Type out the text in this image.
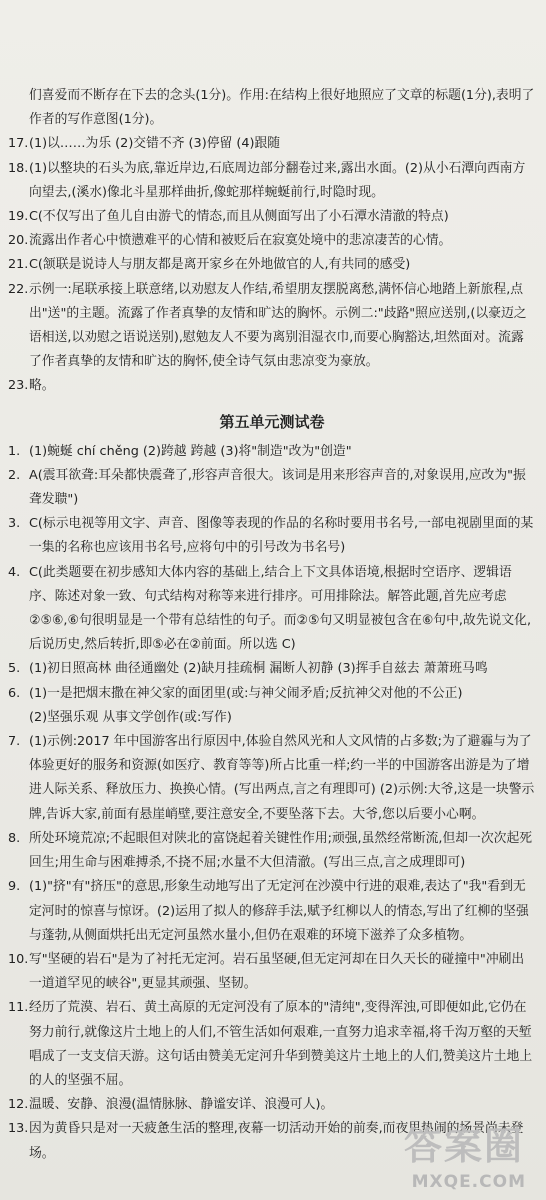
们喜爱而不断存在下去的念头(1分)。作用:在结构上很好地照应了文章的标题(1分),表明了作者的写作意图(1分)。
17. (1)以……为乐 (2)交错不齐 (3)停留 (4)跟随
18. (1)以整块的石头为底,靠近岸边,石底周边部分翻卷过来,露出水面。(2)从小石潭向西南方向望去,(溪水)像北斗星那样曲折,像蛇那样蜿蜒前行,时隐时现。
19. C(不仅写出了鱼儿自由游弋的情态,而且从侧面写出了小石潭水清澈的特点)
20. 流露出作者心中愤懑难平的心情和被贬后在寂寞处境中的悲凉凄苦的心情。
21. C(颔联是说诗人与朋友都是离开家乡在外地做官的人,有共同的感受)
22. 示例一:尾联承接上联意绪,以劝慰友人作结,希望朋友摆脱离愁,满怀信心地踏上新旅程,点出"送"的主题。流露了作者真挚的友情和旷达的胸怀。示例二:"歧路"照应送别,(以豪迈之语相送,以劝慰之语说送别),慰勉友人不要为离别泪湿衣巾,而要心胸豁达,坦然面对。流露了作者真挚的友情和旷达的胸怀,使全诗气氛由悲凉变为豪放。
23. 略。
第五单元测试卷
1. (1)蜿蜒 chí chěng (2)跨越 跨越 (3)将"制造"改为"创造"
2. A(震耳欲聋:耳朵都快震聋了,形容声音很大。该词是用来形容声音的,对象误用,应改为"振聋发聩")
3. C(标示电视等用文字、声音、图像等表现的作品的名称时要用书名号,一部电视剧里面的某一集的名称也应该用书名号,应将句中的引号改为书名号)
4. C(此类题要在初步感知大体内容的基础上,结合上下文具体语境,根据时空语序、逻辑语序、陈述对象一致、句式结构对称等来进行排序。可用排除法。解答此题,首先应考虑②⑤⑥,⑥句很明显是一个带有总结性的句子。而②⑤句又明显被包含在⑥句中,故先说文化,后说历史,然后转折,即⑤必在②前面。所以选 C)
5. (1)初日照高林 曲径通幽处 (2)缺月挂疏桐 漏断人初静 (3)挥手自兹去 萧萧班马鸣
6. (1)一是把烟末撒在神父家的面团里(或:与神父闹矛盾;反抗神父对他的不公正)
(2)坚强乐观 从事文学创作(或:写作)
7. (1)示例:2017 年中国游客出行原因中,体验自然风光和人文风情的占多数;为了避霾与为了体验更好的服务和资源(如医疗、教育等等)所占比重一样;约一半的中国游客出游是为了增进人际关系、释放压力、换换心情。(写出两点,言之有理即可) (2)示例:大爷,这是一块警示牌,告诉大家,前面有悬崖峭壁,要注意安全,不要坠落下去。大爷,您以后要小心啊。
8. 所处环境荒凉;不起眼但对陕北的富饶起着关键性作用;顽强,虽然经常断流,但却一次次起死回生;用生命与困难搏杀,不挠不屈;水量不大但清澈。(写出三点,言之成理即可)
9. (1)"挤"有"挤压"的意思,形象生动地写出了无定河在沙漠中行进的艰难,表达了"我"看到无定河时的惊喜与惊讶。(2)运用了拟人的修辞手法,赋予红柳以人的情态,写出了红柳的坚强与蓬勃,从侧面烘托出无定河虽然水量小,但仍在艰难的环境下滋养了众多植物。
10. 写"坚硬的岩石"是为了衬托无定河。岩石虽坚硬,但无定河却在日久天长的碰撞中"冲刷出一道道罕见的峡谷",更显其顽强、坚韧。
11. 经历了荒漠、岩石、黄土高原的无定河没有了原本的"清纯",变得浑浊,可即便如此,它仍在努力前行,就像这片土地上的人们,不管生活如何艰难,一直努力追求幸福,将千沟万壑的天堑唱成了一支支信天游。这句话由赞美无定河升华到赞美这片土地上的人们,赞美这片土地上的人的坚强不屈。
12. 温暖、安静、浪漫(温情脉脉、静谧安详、浪漫可人)。
13. 因为黄昏只是对一天疲惫生活的整理,夜幕一切活动开始的前奏,而夜里热闹的场景尚未登场。	答案圈
MXQE.COM
